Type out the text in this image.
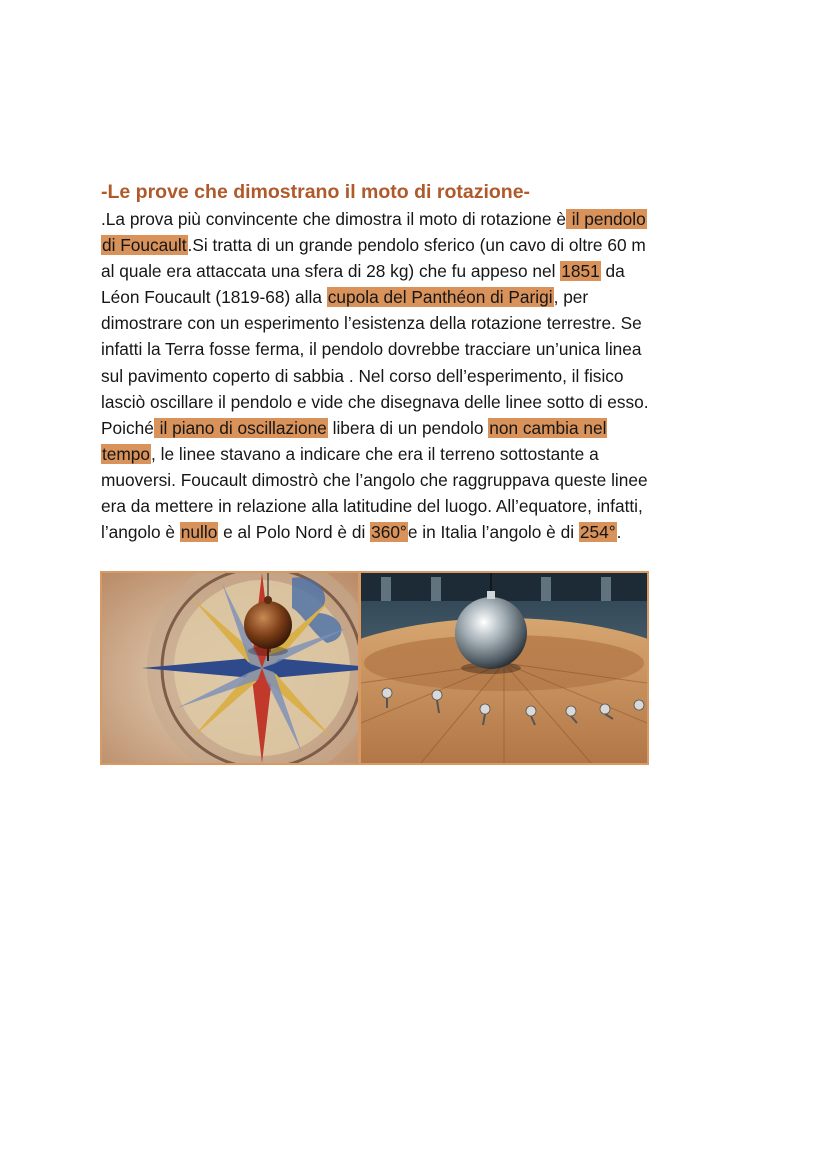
-Le prove che dimostrano il moto di rotazione-
.La prova più convincente che dimostra il moto di rotazione è il pendolo
di Foucault.Si tratta di un grande pendolo sferico (un cavo di oltre 60 m
al quale era attaccata una sfera di 28 kg) che fu appeso nel 1851 da
Léon Foucault (1819-68) alla cupola del Panthéon di Parigi, per
dimostrare con un esperimento l’esistenza della rotazione terrestre. Se
infatti la Terra fosse ferma, il pendolo dovrebbe tracciare un’unica linea
sul pavimento coperto di sabbia . Nel corso dell’esperimento, il fisico
lasciò oscillare il pendolo e vide che disegnava delle linee sotto di esso.
Poiché il piano di oscillazione libera di un pendolo non cambia nel
tempo, le linee stavano a indicare che era il terreno sottostante a
muoversi. Foucault dimostrò che l’angolo che raggruppava queste linee
era da mettere in relazione alla latitudine del luogo. All’equatore, infatti,
l’angolo è nullo e al Polo Nord è di 360°e in Italia l’angolo è di 254°.
